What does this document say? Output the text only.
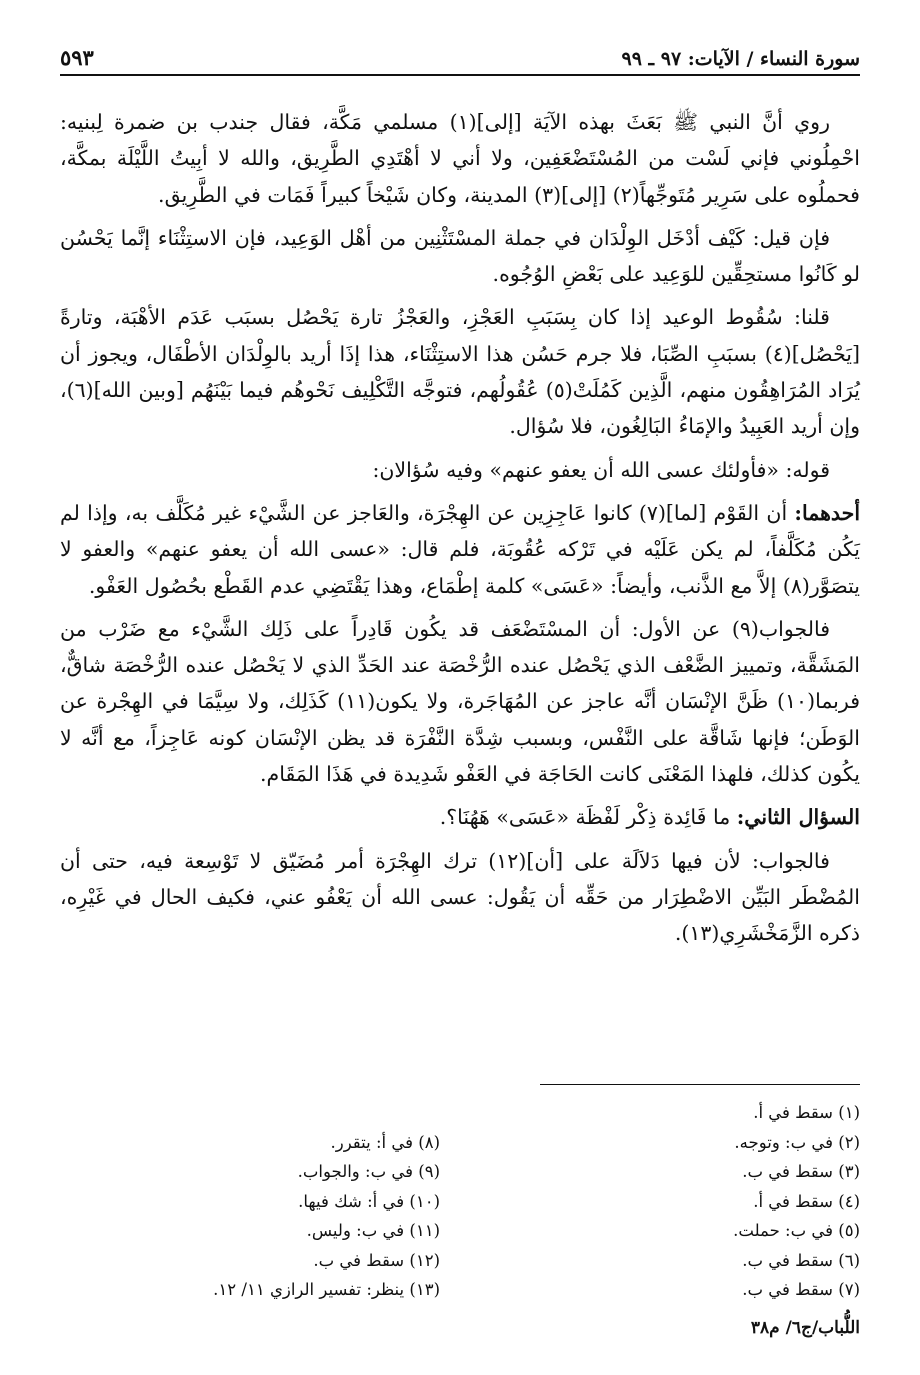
سورة النساء / الآيات: ٩٧ ـ ٩٩
٥٩٣

روي أنَّ النبي ﷺ بَعَثَ بهذه الآيَة [إلى](١) مسلمي مَكَّة، فقال جندب بن ضمرة لِبنيه: احْمِلُوني فإني لَسْت من المُسْتَضْعَفِين، ولا أني لا أهْتَدِي الطَّرِيق، والله لا أبِيتُ اللَّيْلَة بمكَّة، فحملُوه على سَرِير مُتَوجِّهاً(٢) [إلى](٣) المدينة، وكان شَيْخاً كبيراً فَمَات في الطَّرِيق.

فإن قيل: كَيْف أدْخَل الوِلْدَان في جملة المسْتَثْنِين من أهْل الوَعِيد، فإن الاستِثْنَاء إنَّما يَحْسُن لو كَانُوا مستحِقِّين للوَعِيد على بَعْضِ الوُجُوه.

قلنا: سُقُوط الوعيد إذا كان بِسَبَبِ العَجْزِ، والعَجْزُ تارة يَحْصُل بسبَب عَدَم الأهْبَة، وتارةً [يَحْصُل](٤) بسبَبِ الصِّبَا، فلا جرم حَسُن هذا الاستِثْنَاء، هذا إذَا أريد بالوِلْدَان الأطْفَال، ويجوز أن يُرَاد المُرَاهِقُون منهم، الَّذِين كَمُلَتْ(٥) عُقُولُهم، فتوجَّه التَّكْلِيف نَحْوهُم فيما بَيْنَهُم [وبين الله](٦)، وإن أريد العَبِيدُ والإمَاءُ البَالِغُون، فلا سُؤال.

قوله: «فأولئك عسى الله أن يعفو عنهم» وفيه سُؤالان:

أحدهما: أن القَوْم [لما](٧) كانوا عَاجِزِين عن الهِجْرَة، والعَاجز عن الشَّيْء غير مُكَلَّف به، وإذا لم يَكُن مُكَلَّفاً، لم يكن عَلَيْه في تَرْكه عُقُوبَة، فلم قال: «عسى الله أن يعفو عنهم» والعفو لا يتصَوَّر(٨) إلاَّ مع الذَّنب، وأيضاً: «عَسَى» كلمة إطْمَاع، وهذا يَقْتَضِي عدم القَطْع بحُصُول العَفْو.

فالجواب(٩) عن الأول: أن المسْتَضْعَف قد يكُون قَادِراً على ذَلِك الشَّيْء مع ضَرْب من المَشَقَّة، وتمييز الضَّعْف الذي يَحْصُل عنده الرُّخْصَة عند الحَدِّ الذي لا يَحْصُل عنده الرُّخْصَة شاقٌّ، فربما(١٠) ظَنَّ الإنْسَان أنَّه عاجز عن المُهَاجَرة، ولا يكون(١١) كَذَلِك، ولا سِيَّمَا في الهِجْرة عن الوَطَن؛ فإنها شَاقَّة على النَّفْس، وبسبب شِدَّة النَّفْرَة قد يظن الإنْسَان كونه عَاجِزاً، مع أنَّه لا يكُون كذلك، فلهذا المَعْنَى كانت الحَاجَة في العَفْو شَدِيدة في هَذَا المَقَام.

السؤال الثاني: ما فَائِدة ذِكْر لَفْظَة «عَسَى» هَهُنَا؟.

فالجواب: لأن فيها دَلاَلَة على [أن](١٢) ترك الهِجْرَة أمر مُضَيّق لا تَوْسِعة فيه، حتى أن المُضْطَر البَيِّن الاضْطِرَار من حَقِّه أن يَقُول: عسى الله أن يَعْفُو عني، فكيف الحال في غَيْرِه، ذكره الزَّمَخْشَرِي(١٣).

(١) سقط في أ.
(٢) في ب: وتوجه.
(٣) سقط في ب.
(٤) سقط في أ.
(٥) في ب: حملت.
(٦) سقط في ب.
(٧) سقط في ب.
(٨) في أ: يتقرر.
(٩) في ب: والجواب.
(١٠) في أ: شك فيها.
(١١) في ب: وليس.
(١٢) سقط في ب.
(١٣) ينظر: تفسير الرازي ١١/ ١٢.
اللُّباب/ج٦/ م٣٨
